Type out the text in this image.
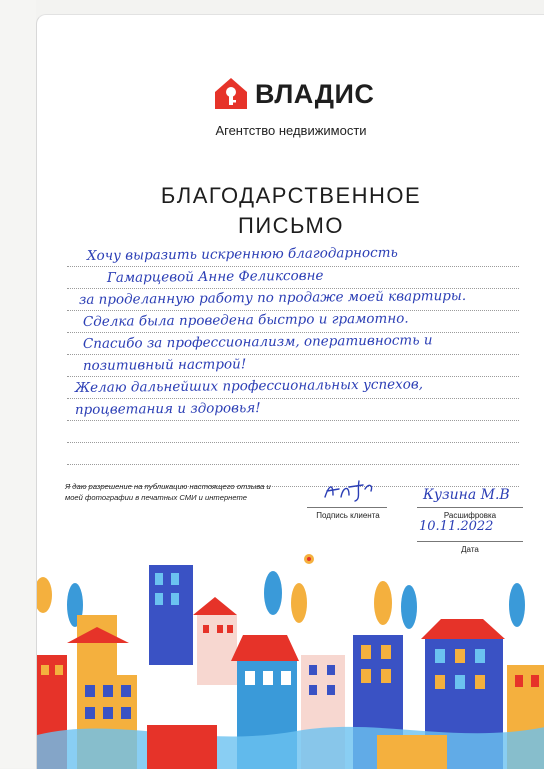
ВЛАДИС
Агентство недвижимости
БЛАГОДАРСТВЕННОЕ
ПИСЬМО
Хочу выразить искреннюю благодарность
Гамарцевой Анне Феликсовне
за проделанную работу по продаже моей квартиры.
Сделка была проведена быстро и грамотно.
Спасибо за профессионализм, оперативность и
позитивный настрой!
Желаю дальнейших профессиональных успехов,
процветания и здоровья!
Я даю разрешение на публикацию настоящего отзыва и моей фотографии в печатных СМИ и интернете
Подпись клиента
Кузина М.В
Расшифровка
10.11.2022
Дата
